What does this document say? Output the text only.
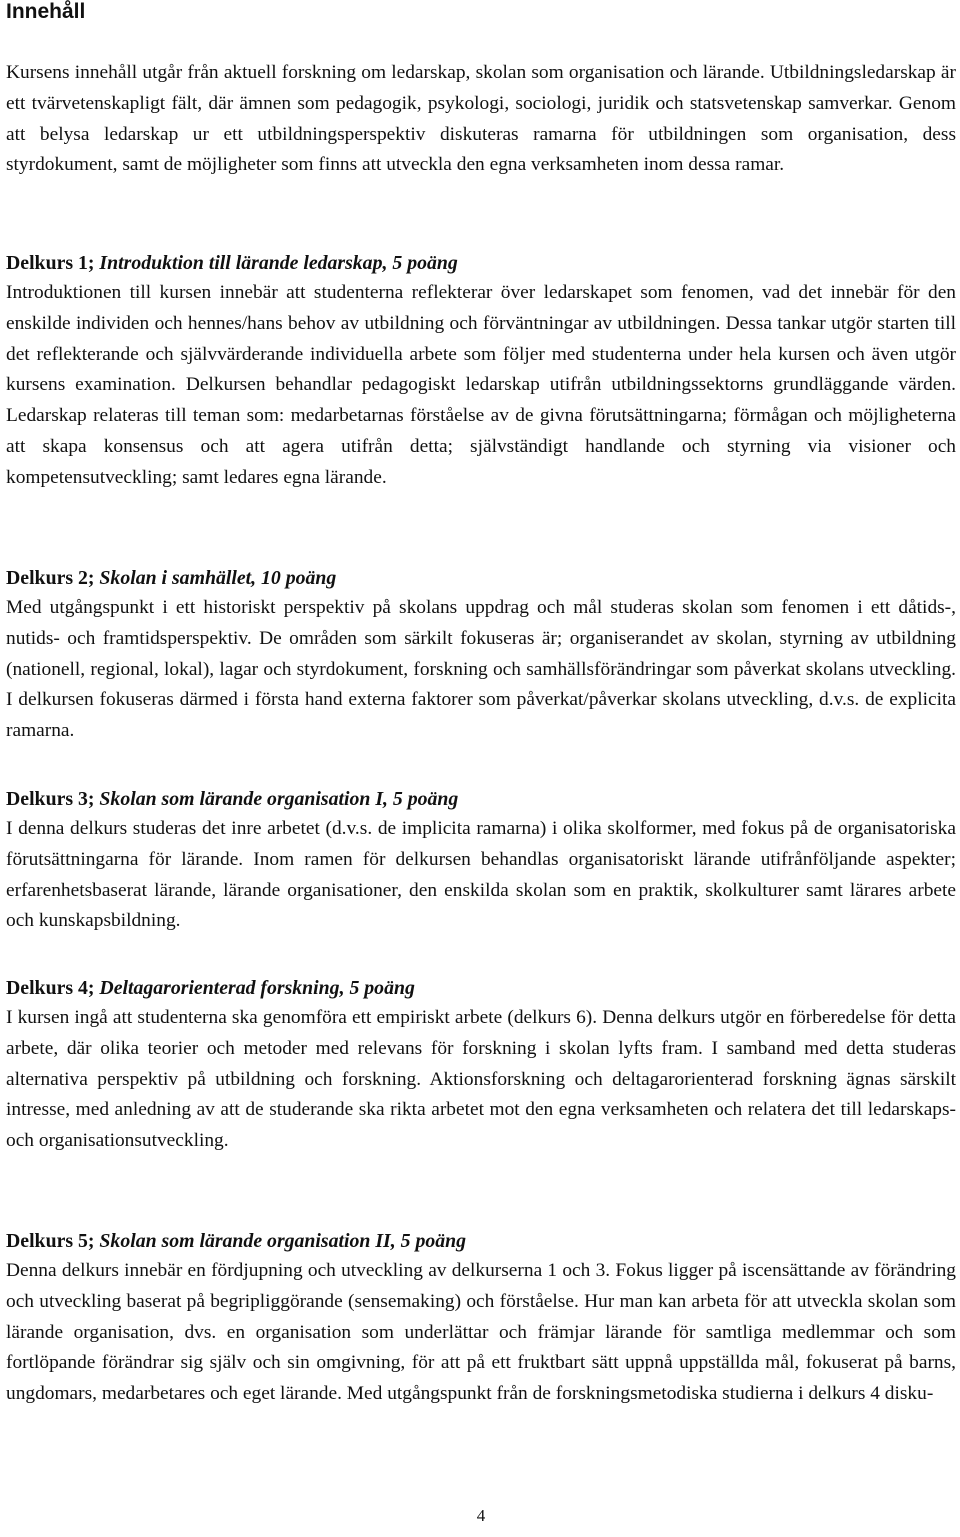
Innehåll

Kursens innehåll utgår från aktuell forskning om ledarskap, skolan som organisation och lärande. Utbildningsledarskap är ett tvärvetenskapligt fält, där ämnen som pedagogik, psykologi, sociologi, juridik och statsvetenskap samverkar. Genom att belysa ledarskap ur ett utbildningsperspektiv diskuteras ramarna för utbildningen som organisation, dess styrdokument, samt de möjligheter som finns att utveckla den egna verksamheten inom dessa ramar.

Delkurs 1; Introduktion till lärande ledarskap, 5 poäng

Introduktionen till kursen innebär att studenterna reflekterar över ledarskapet som fenomen, vad det innebär för den enskilde individen och hennes/hans behov av utbildning och förväntningar av utbildningen. Dessa tankar utgör starten till det reflekterande och självvärderande individuella arbete som följer med studenterna under hela kursen och även utgör kursens examination. Delkursen behandlar pedagogiskt ledarskap utifrån utbildningssektorns grundläggande värden. Ledarskap relateras till teman som: medarbetarnas förståelse av de givna förutsättningarna; förmågan och möjligheterna att skapa konsensus och att agera utifrån detta; självständigt handlande och styrning via visioner och kompetensutveckling; samt ledares egna lärande.

Delkurs 2; Skolan i samhället, 10 poäng

Med utgångspunkt i ett historiskt perspektiv på skolans uppdrag och mål studeras skolan som fenomen i ett dåtids-, nutids- och framtidsperspektiv. De områden som särkilt fokuseras är; organiserandet av skolan, styrning av utbildning (nationell, regional, lokal), lagar och styrdokument, forskning och samhällsförändringar som påverkat skolans utveckling. I delkursen fokuseras därmed i första hand externa faktorer som påverkat/påverkar skolans utveckling, d.v.s. de explicita ramarna.

Delkurs 3; Skolan som lärande organisation I, 5 poäng

I denna delkurs studeras det inre arbetet (d.v.s. de implicita ramarna) i olika skolformer, med fokus på de organisatoriska förutsättningarna för lärande. Inom ramen för delkursen behandlas organisatoriskt lärande utifrånföljande aspekter; erfarenhetsbaserat lärande, lärande organisationer, den enskilda skolan som en praktik, skolkulturer samt lärares arbete och kunskapsbildning.

Delkurs 4; Deltagarorienterad forskning, 5 poäng

I kursen ingå att studenterna ska genomföra ett empiriskt arbete (delkurs 6). Denna delkurs utgör en förberedelse för detta arbete, där olika teorier och metoder med relevans för forskning i skolan lyfts fram. I samband med detta studeras alternativa perspektiv på utbildning och forskning. Aktionsforskning och deltagarorienterad forskning ägnas särskilt intresse, med anledning av att de studerande ska rikta arbetet mot den egna verksamheten och relatera det till ledarskaps- och organisationsutveckling.

Delkurs 5; Skolan som lärande organisation II, 5 poäng

Denna delkurs innebär en fördjupning och utveckling av delkurserna 1 och 3. Fokus ligger på iscensättande av förändring och utveckling baserat på begripliggörande (sensemaking) och förståelse. Hur man kan arbeta för att utveckla skolan som lärande organisation, dvs. en organisation som underlättar och främjar lärande för samtliga medlemmar och som fortlöpande förändrar sig själv och sin omgivning, för att på ett fruktbart sätt uppnå uppställda mål, fokuserat på barns, ungdomars, medarbetares och eget lärande. Med utgångspunkt från de forskningsmetodiska studierna i delkurs 4 disku-

4
